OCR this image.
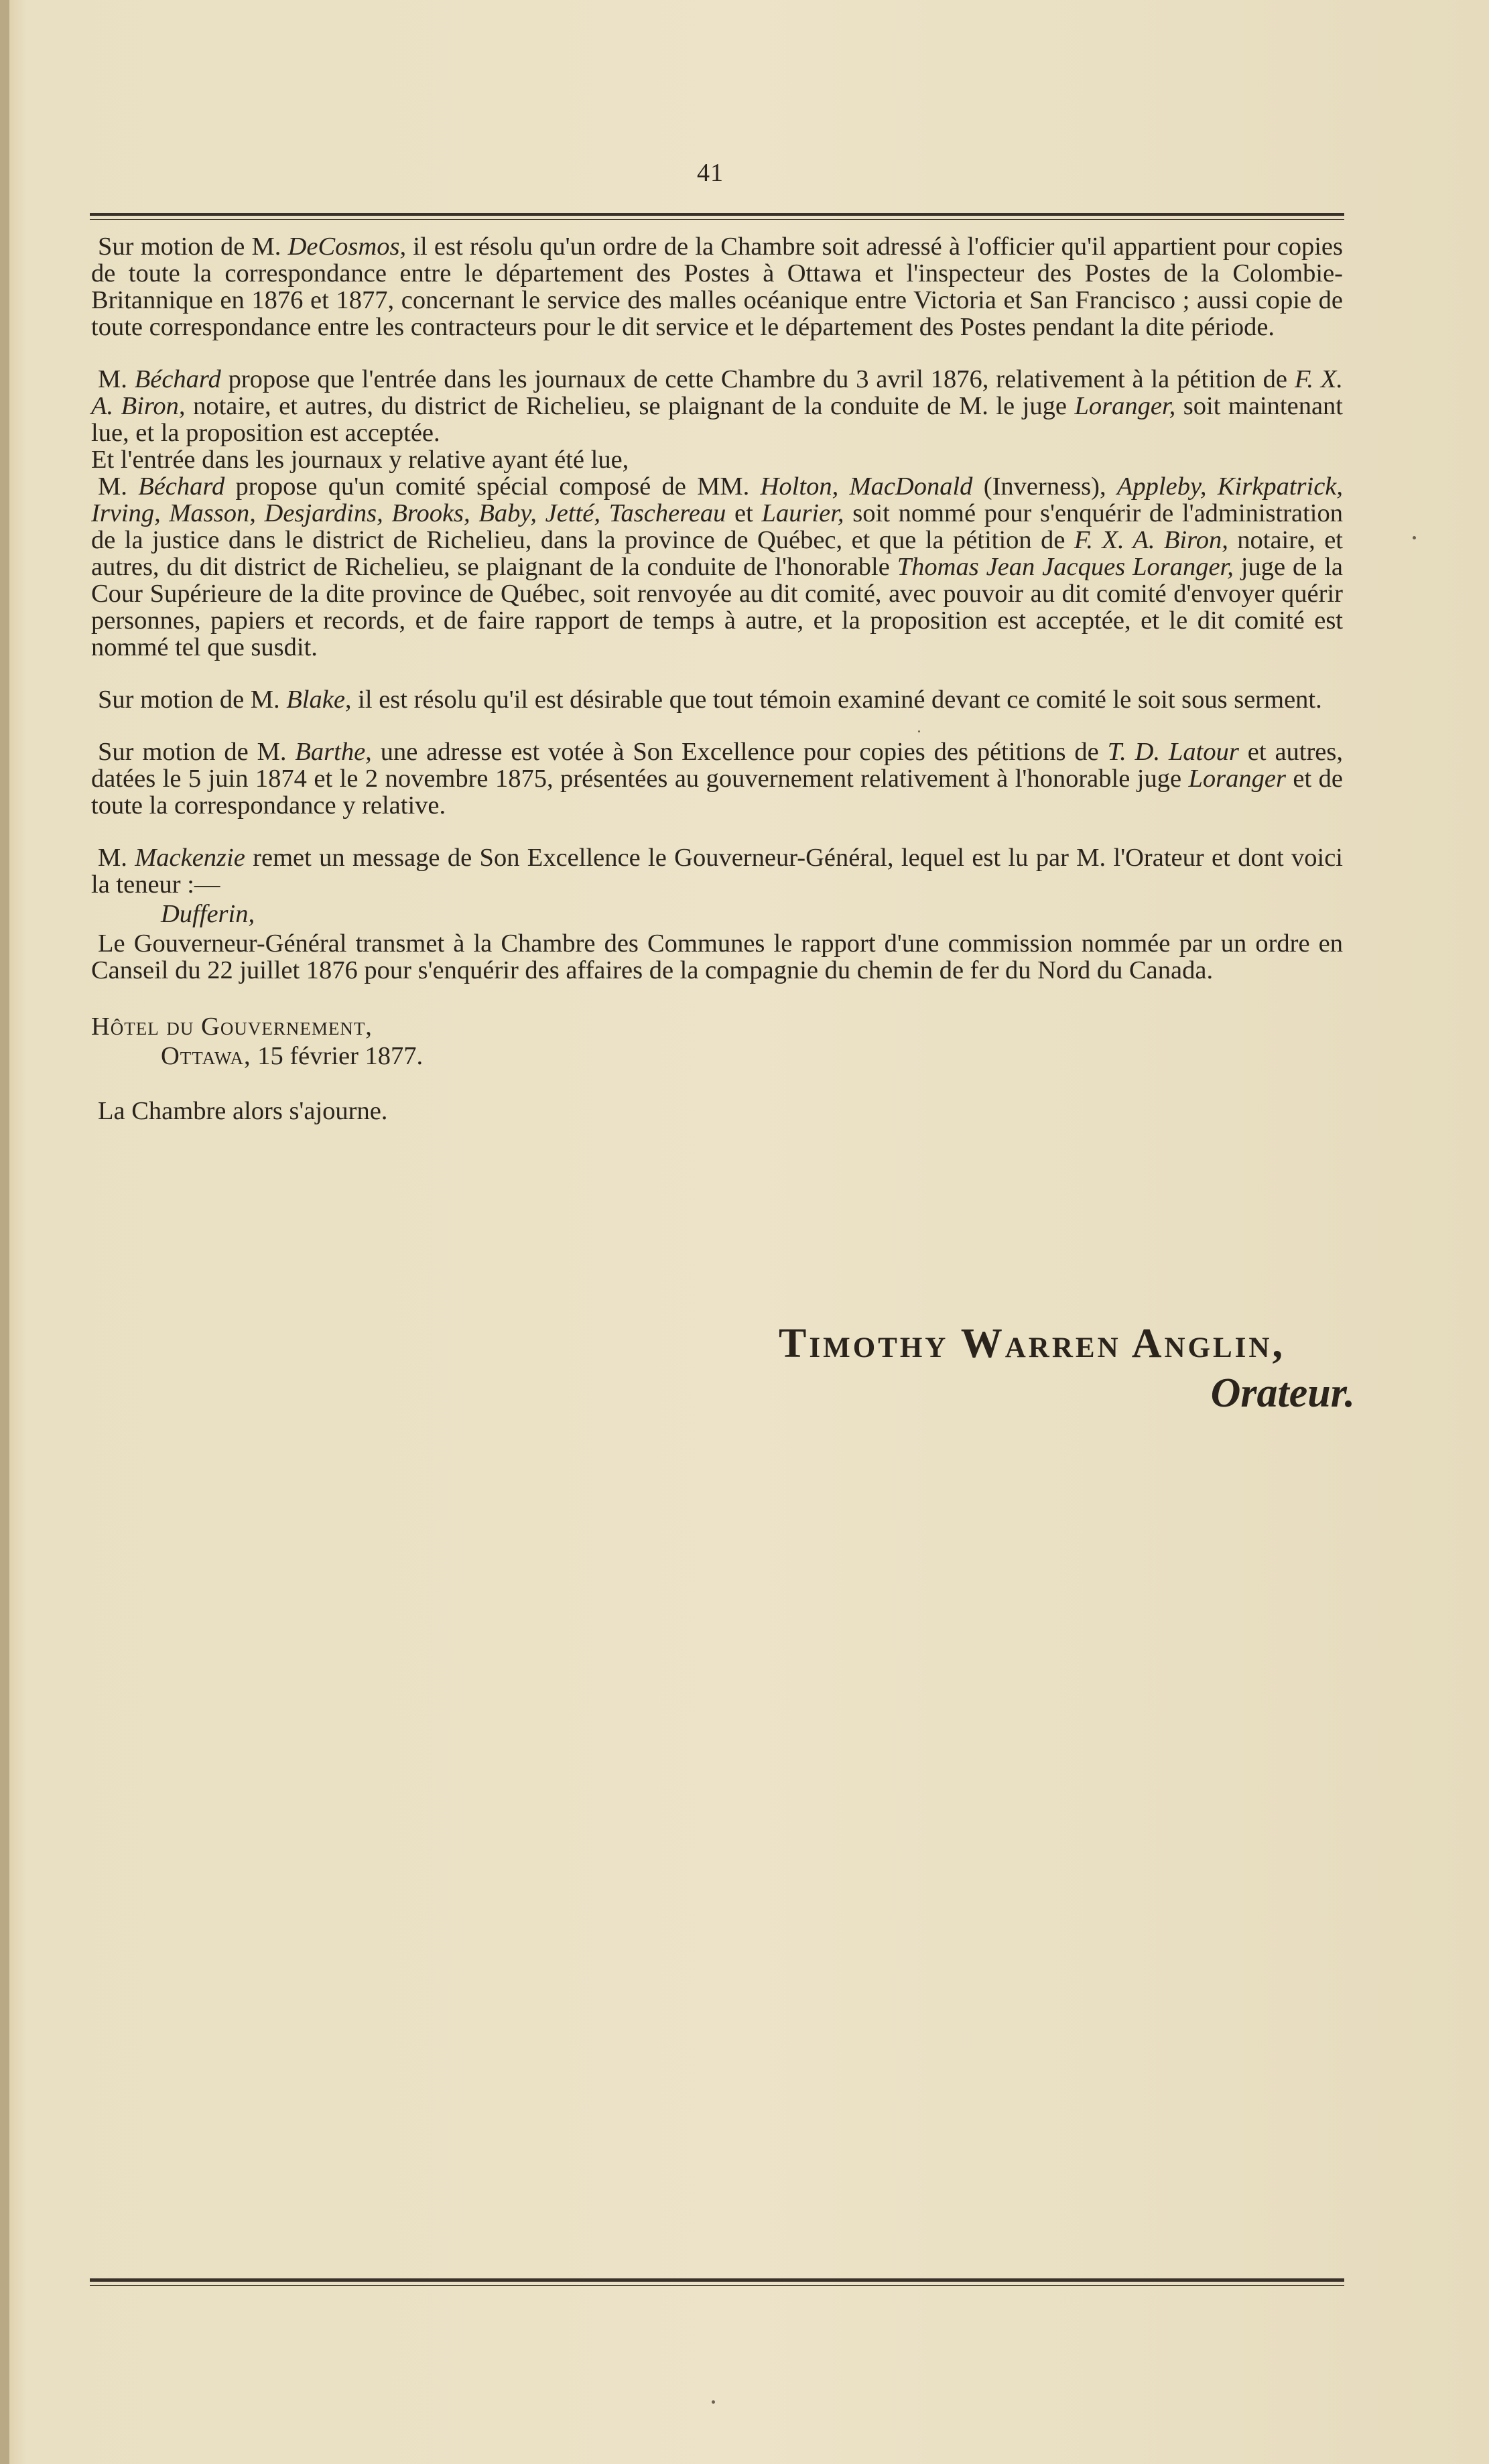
41

Sur motion de M. DeCosmos, il est résolu qu'un ordre de la Chambre soit adressé à l'officier qu'il appartient pour copies de toute la correspondance entre le département des Postes à Ottawa et l'inspecteur des Postes de la Colombie-Britannique en 1876 et 1877, concernant le service des malles océanique entre Victoria et San Francisco ; aussi copie de toute correspondance entre les contracteurs pour le dit service et le département des Postes pendant la dite période.

M. Béchard propose que l'entrée dans les journaux de cette Chambre du 3 avril 1876, relativement à la pétition de F. X. A. Biron, notaire, et autres, du district de Richelieu, se plaignant de la conduite de M. le juge Loranger, soit maintenant lue, et la proposition est acceptée.

Et l'entrée dans les journaux y relative ayant été lue,

M. Béchard propose qu'un comité spécial composé de MM. Holton, MacDonald (Inverness), Appleby, Kirkpatrick, Irving, Masson, Desjardins, Brooks, Baby, Jetté, Taschereau et Laurier, soit nommé pour s'enquérir de l'administration de la justice dans le district de Richelieu, dans la province de Québec, et que la pétition de F. X. A. Biron, notaire, et autres, du dit district de Richelieu, se plaignant de la conduite de l'honorable Thomas Jean Jacques Loranger, juge de la Cour Supérieure de la dite province de Québec, soit renvoyée au dit comité, avec pouvoir au dit comité d'envoyer quérir personnes, papiers et records, et de faire rapport de temps à autre, et la proposition est acceptée, et le dit comité est nommé tel que susdit.

Sur motion de M. Blake, il est résolu qu'il est désirable que tout témoin examiné devant ce comité le soit sous serment.

Sur motion de M. Barthe, une adresse est votée à Son Excellence pour copies des pétitions de T. D. Latour et autres, datées le 5 juin 1874 et le 2 novembre 1875, présentées au gouvernement relativement à l'honorable juge Loranger et de toute la correspondance y relative.

M. Mackenzie remet un message de Son Excellence le Gouverneur-Général, lequel est lu par M. l'Orateur et dont voici la teneur :—

Dufferin,

Le Gouverneur-Général transmet à la Chambre des Communes le rapport d'une commission nommée par un ordre en Canseil du 22 juillet 1876 pour s'enquérir des affaires de la compagnie du chemin de fer du Nord du Canada.

Hôtel du Gouvernement,

Ottawa, 15 février 1877.

La Chambre alors s'ajourne.

Timothy Warren Anglin,
Orateur.
